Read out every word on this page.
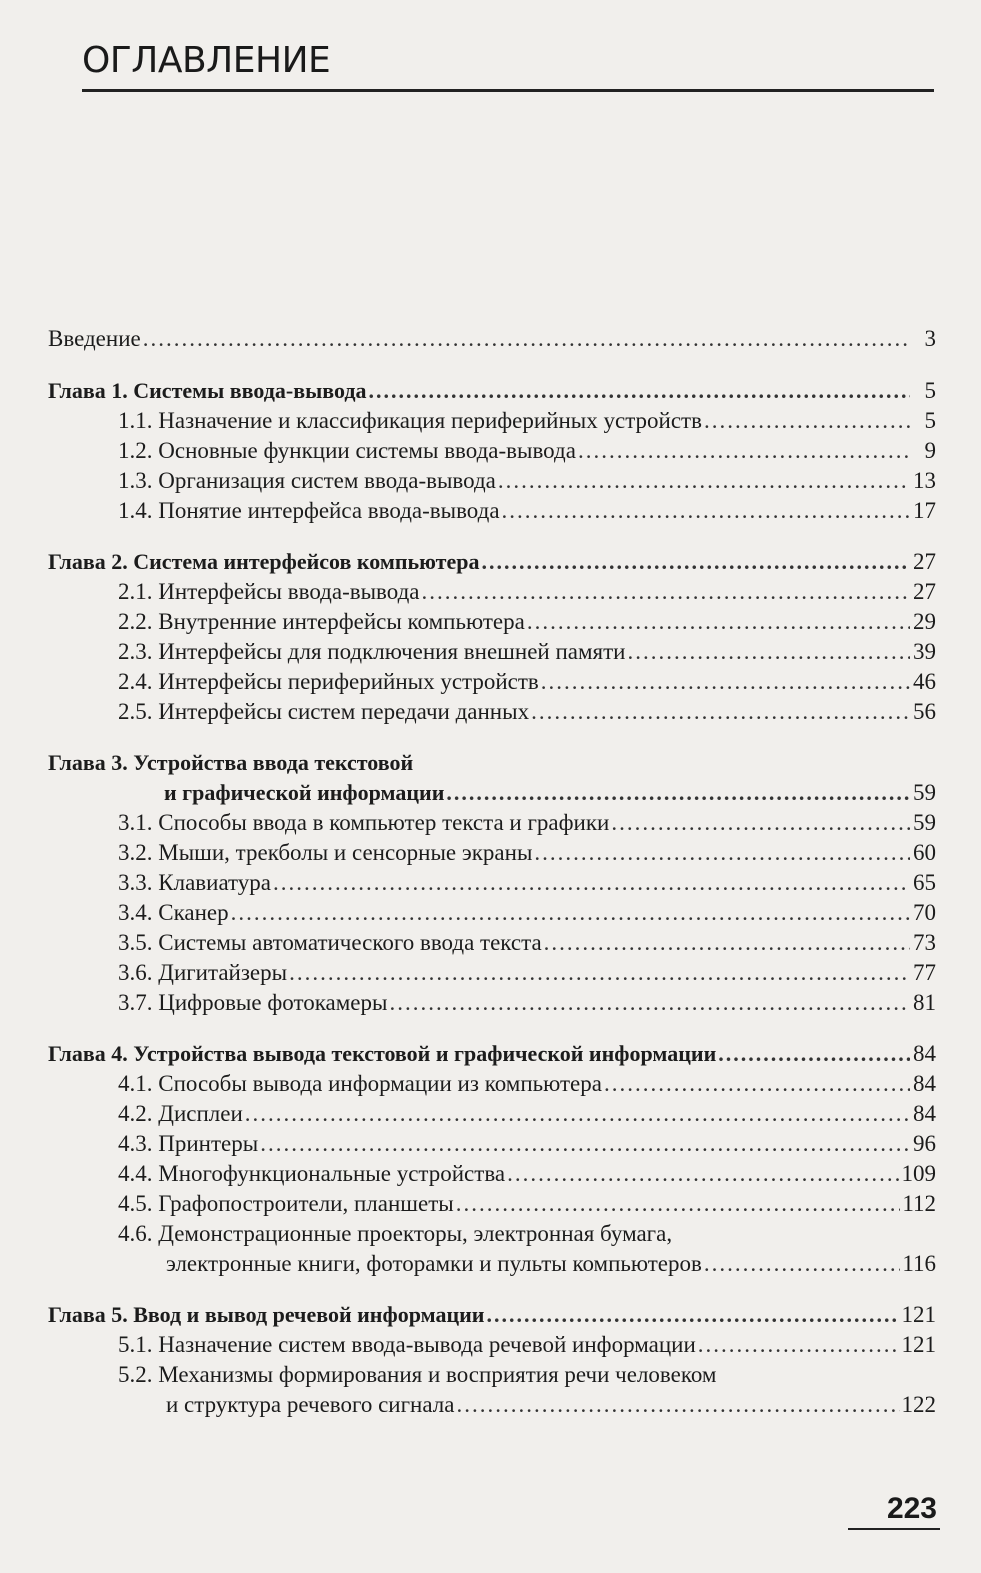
ОГЛАВЛЕНИЕ
Введение .....	3
Глава 1. Системы ввода-вывода .....	5
1.1. Назначение и классификация периферийных устройств .....	5
1.2. Основные функции системы ввода-вывода .....	9
1.3. Организация систем ввода-вывода .....	13
1.4. Понятие интерфейса ввода-вывода .....	17
Глава 2. Система интерфейсов компьютера .....	27
2.1. Интерфейсы ввода-вывода .....	27
2.2. Внутренние интерфейсы компьютера .....	29
2.3. Интерфейсы для подключения внешней памяти .....	39
2.4. Интерфейсы периферийных устройств .....	46
2.5. Интерфейсы систем передачи данных .....	56
Глава 3. Устройства ввода текстовой
и графической информации .....	59
3.1. Способы ввода в компьютер текста и графики .....	59
3.2. Мыши, трекболы и сенсорные экраны .....	60
3.3. Клавиатура .....	65
3.4. Сканер .....	70
3.5. Системы автоматического ввода текста .....	73
3.6. Дигитайзеры .....	77
3.7. Цифровые фотокамеры .....	81
Глава 4. Устройства вывода текстовой и графической информации .....	84
4.1. Способы вывода информации из компьютера .....	84
4.2. Дисплеи .....	84
4.3. Принтеры .....	96
4.4. Многофункциональные устройства .....	109
4.5. Графопостроители, планшеты .....	112
4.6. Демонстрационные проекторы, электронная бумага,
электронные книги, фоторамки и пульты компьютеров .....	116
Глава 5. Ввод и вывод речевой информации .....	121
5.1. Назначение систем ввода-вывода речевой информации .....	121
5.2. Механизмы формирования и восприятия речи человеком
и структура речевого сигнала .....	122
223
